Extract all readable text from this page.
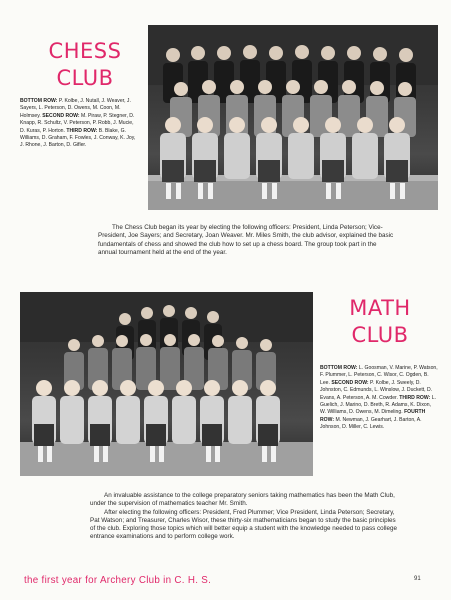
CHESS
CLUB
BOTTOM ROW: P. Kolbe, J. Nutall, J. Weaver, J. Sayers, L. Peterson, D. Owens, M. Coon, M. Holmsey. SECOND ROW: M. Piraw, P. Stegner, D. Knapp, R. Schultz, V. Peterson, P. Robb, J. Mucie, D. Kuras, P. Horton. THIRD ROW: B. Blake, G. Williams, D. Graham, F. Fowles, J. Conway, K. Joy, J. Rhone, J. Barton, D. Gifler.

The Chess Club began its year by electing the following officers: President, Linda Peterson; Vice-President, Joe Sayers; and Secretary, Joan Weaver. Mr. Miles Smith, the club advisor, explained the basic fundamentals of chess and showed the club how to set up a chess board. The group took part in the annual tournament held at the end of the year.

MATH
CLUB
BOTTOM ROW: L. Goosman, V. Marine, P. Watson, F. Plummer, L. Peterson, C. Wisor, C. Ogden, B. Lee. SECOND ROW: P. Kolbe, J. Sweely, D. Johnston, C. Edmunds, L. Winslow, J. Duckett, D. Evans, A. Peterson, A. M. Cowder. THIRD ROW: L. Guelich, J. Marino, D. Breth, R. Adams, K. Dixon, W. Williams, D. Owens, M. Dimeling. FOURTH ROW: M. Newman, J. Gearhart, J. Barton, A. Johnson, D. Miller, C. Lewis.

An invaluable assistance to the college preparatory seniors taking mathematics has been the Math Club, under the supervision of mathematics teacher Mr. Smith.

After electing the following officers: President, Fred Plummer; Vice President, Linda Peterson; Secretary, Pat Watson; and Treasurer, Charles Wisor, these thirty-six mathematicians began to study the basic principles of the club. Exploring those topics which will better equip a student with the knowledge needed to pass college entrance examinations and to perform college work.

the first year for Archery Club in C. H. S.	91
